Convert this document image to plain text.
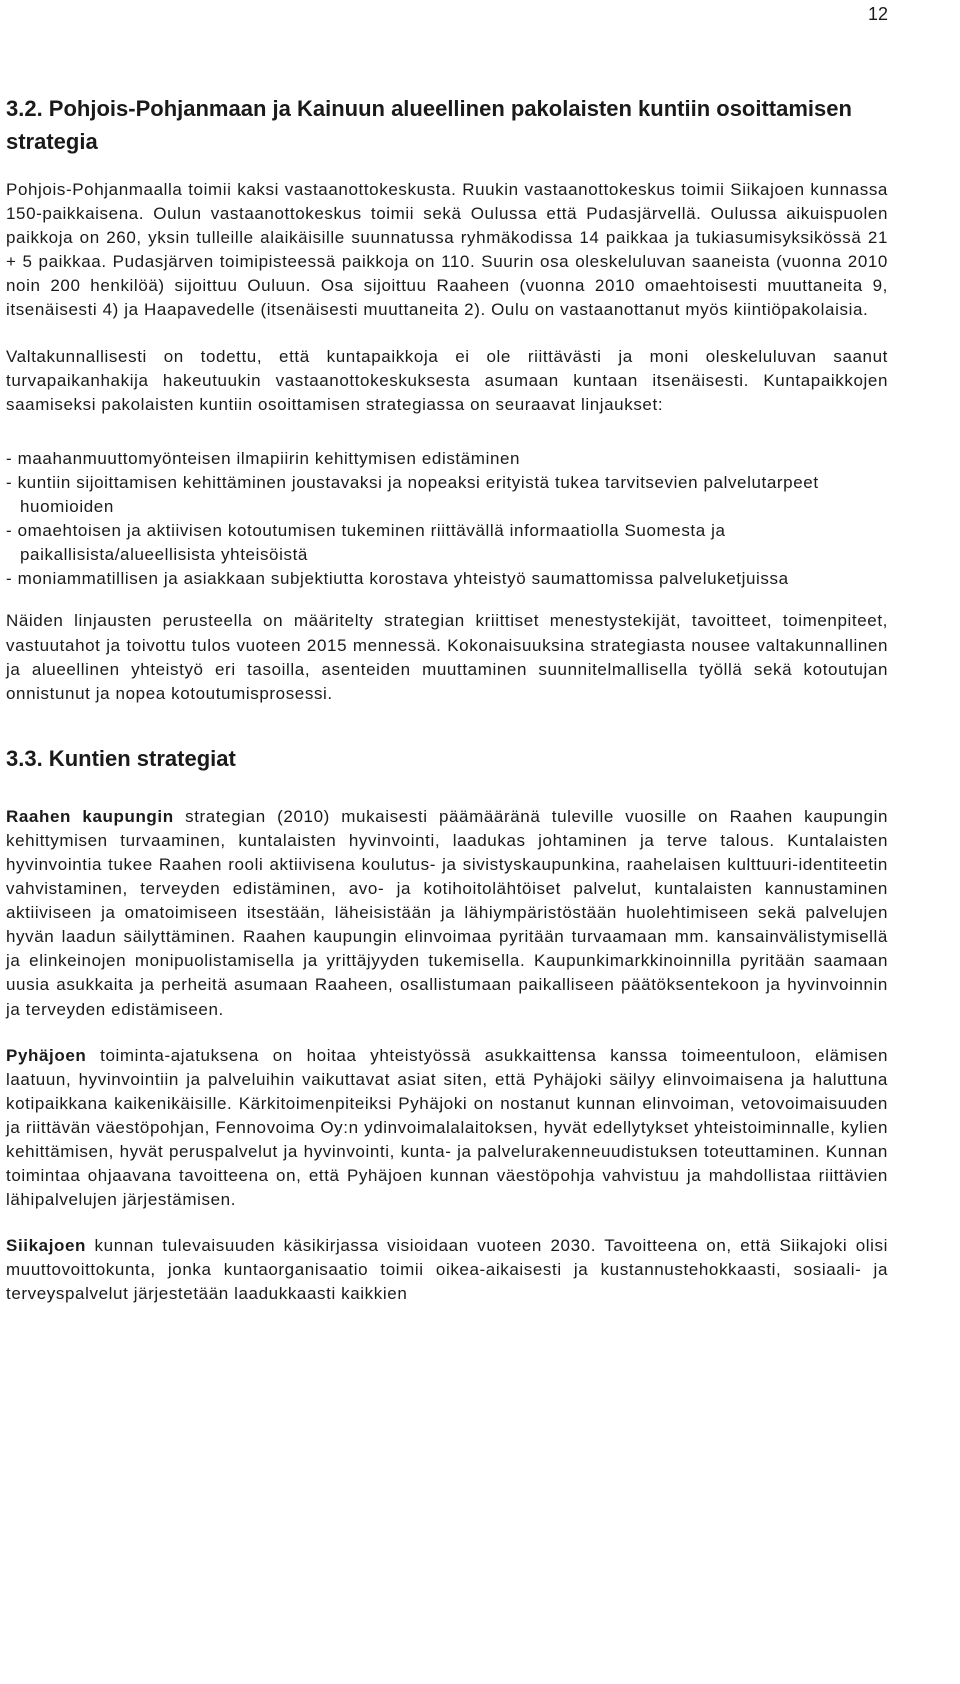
12
3.2. Pohjois-Pohjanmaan ja Kainuun alueellinen pakolaisten kuntiin osoittamisen strategia

Pohjois-Pohjanmaalla toimii kaksi vastaanottokeskusta. Ruukin vastaanottokeskus toimii Siikajoen kunnassa 150-paikkaisena. Oulun vastaanottokeskus toimii sekä Oulussa että Pudasjärvellä. Oulussa aikuispuolen paikkoja on 260, yksin tulleille alaikäisille suunnatussa ryhmäkodissa 14 paikkaa ja tukiasumisyksikössä 21 + 5 paikkaa. Pudasjärven toimipisteessä paikkoja on 110. Suurin osa oleskeluluvan saaneista (vuonna 2010 noin 200 henkilöä) sijoittuu Ouluun. Osa sijoittuu Raaheen (vuonna 2010 omaehtoisesti muuttaneita 9, itsenäisesti 4) ja Haapavedelle (itsenäisesti muuttaneita 2). Oulu on vastaanottanut myös kiintiöpakolaisia.

Valtakunnallisesti on todettu, että kuntapaikkoja ei ole riittävästi ja moni oleskeluluvan saanut turvapaikanhakija hakeutuukin vastaanottokeskuksesta asumaan kuntaan itsenäisesti. Kuntapaikkojen saamiseksi pakolaisten kuntiin osoittamisen strategiassa on seuraavat linjaukset:

- maahanmuuttomyönteisen ilmapiirin kehittymisen edistäminen
- kuntiin sijoittamisen kehittäminen joustavaksi ja nopeaksi erityistä tukea tarvitsevien palvelutarpeet huomioiden
- omaehtoisen ja aktiivisen kotoutumisen tukeminen riittävällä informaatiolla Suomesta ja paikallisista/alueellisista yhteisöistä
- moniammatillisen ja asiakkaan subjektiutta korostava yhteistyö saumattomissa palveluketjuissa

Näiden linjausten perusteella on määritelty strategian kriittiset menestystekijät, tavoitteet, toimenpiteet, vastuutahot ja toivottu tulos vuoteen 2015 mennessä. Kokonaisuuksina strategiasta nousee valtakunnallinen ja alueellinen yhteistyö eri tasoilla, asenteiden muuttaminen suunnitelmallisella työllä sekä kotoutujan onnistunut ja nopea kotoutumisprosessi.

3.3. Kuntien strategiat

Raahen kaupungin strategian (2010) mukaisesti päämääränä tuleville vuosille on Raahen kaupungin kehittymisen turvaaminen, kuntalaisten hyvinvointi, laadukas johtaminen ja terve talous. Kuntalaisten hyvinvointia tukee Raahen rooli aktiivisena koulutus- ja sivistyskaupunkina, raahelaisen kulttuuri-identiteetin vahvistaminen, terveyden edistäminen, avo- ja kotihoitolähtöiset palvelut, kuntalaisten kannustaminen aktiiviseen ja omatoimiseen itsestään, läheisistään ja lähiympäristöstään huolehtimiseen sekä palvelujen hyvän laadun säilyttäminen. Raahen kaupungin elinvoimaa pyritään turvaamaan mm. kansainvälistymisellä ja elinkeinojen monipuolistamisella ja yrittäjyyden tukemisella. Kaupunkimarkkinoinnilla pyritään saamaan uusia asukkaita ja perheitä asumaan Raaheen, osallistumaan paikalliseen päätöksentekoon ja hyvinvoinnin ja terveyden edistämiseen.

Pyhäjoen toiminta-ajatuksena on hoitaa yhteistyössä asukkaittensa kanssa toimeentuloon, elämisen laatuun, hyvinvointiin ja palveluihin vaikuttavat asiat siten, että Pyhäjoki säilyy elinvoimaisena ja haluttuna kotipaikkana kaikenikäisille. Kärkitoimenpiteiksi Pyhäjoki on nostanut kunnan elinvoiman, vetovoimaisuuden ja riittävän väestöpohjan, Fennovoima Oy:n ydinvoimalalaitoksen, hyvät edellytykset yhteistoiminnalle, kylien kehittämisen, hyvät peruspalvelut ja hyvinvointi, kunta- ja palvelurakenneuudistuksen toteuttaminen. Kunnan toimintaa ohjaavana tavoitteena on, että Pyhäjoen kunnan väestöpohja vahvistuu ja mahdollistaa riittävien lähipalvelujen järjestämisen.

Siikajoen kunnan tulevaisuuden käsikirjassa visioidaan vuoteen 2030. Tavoitteena on, että Siikajoki olisi muuttovoittokunta, jonka kuntaorganisaatio toimii oikea-aikaisesti ja kustannustehokkaasti, sosiaali- ja terveyspalvelut järjestetään laadukkaasti kaikkien
